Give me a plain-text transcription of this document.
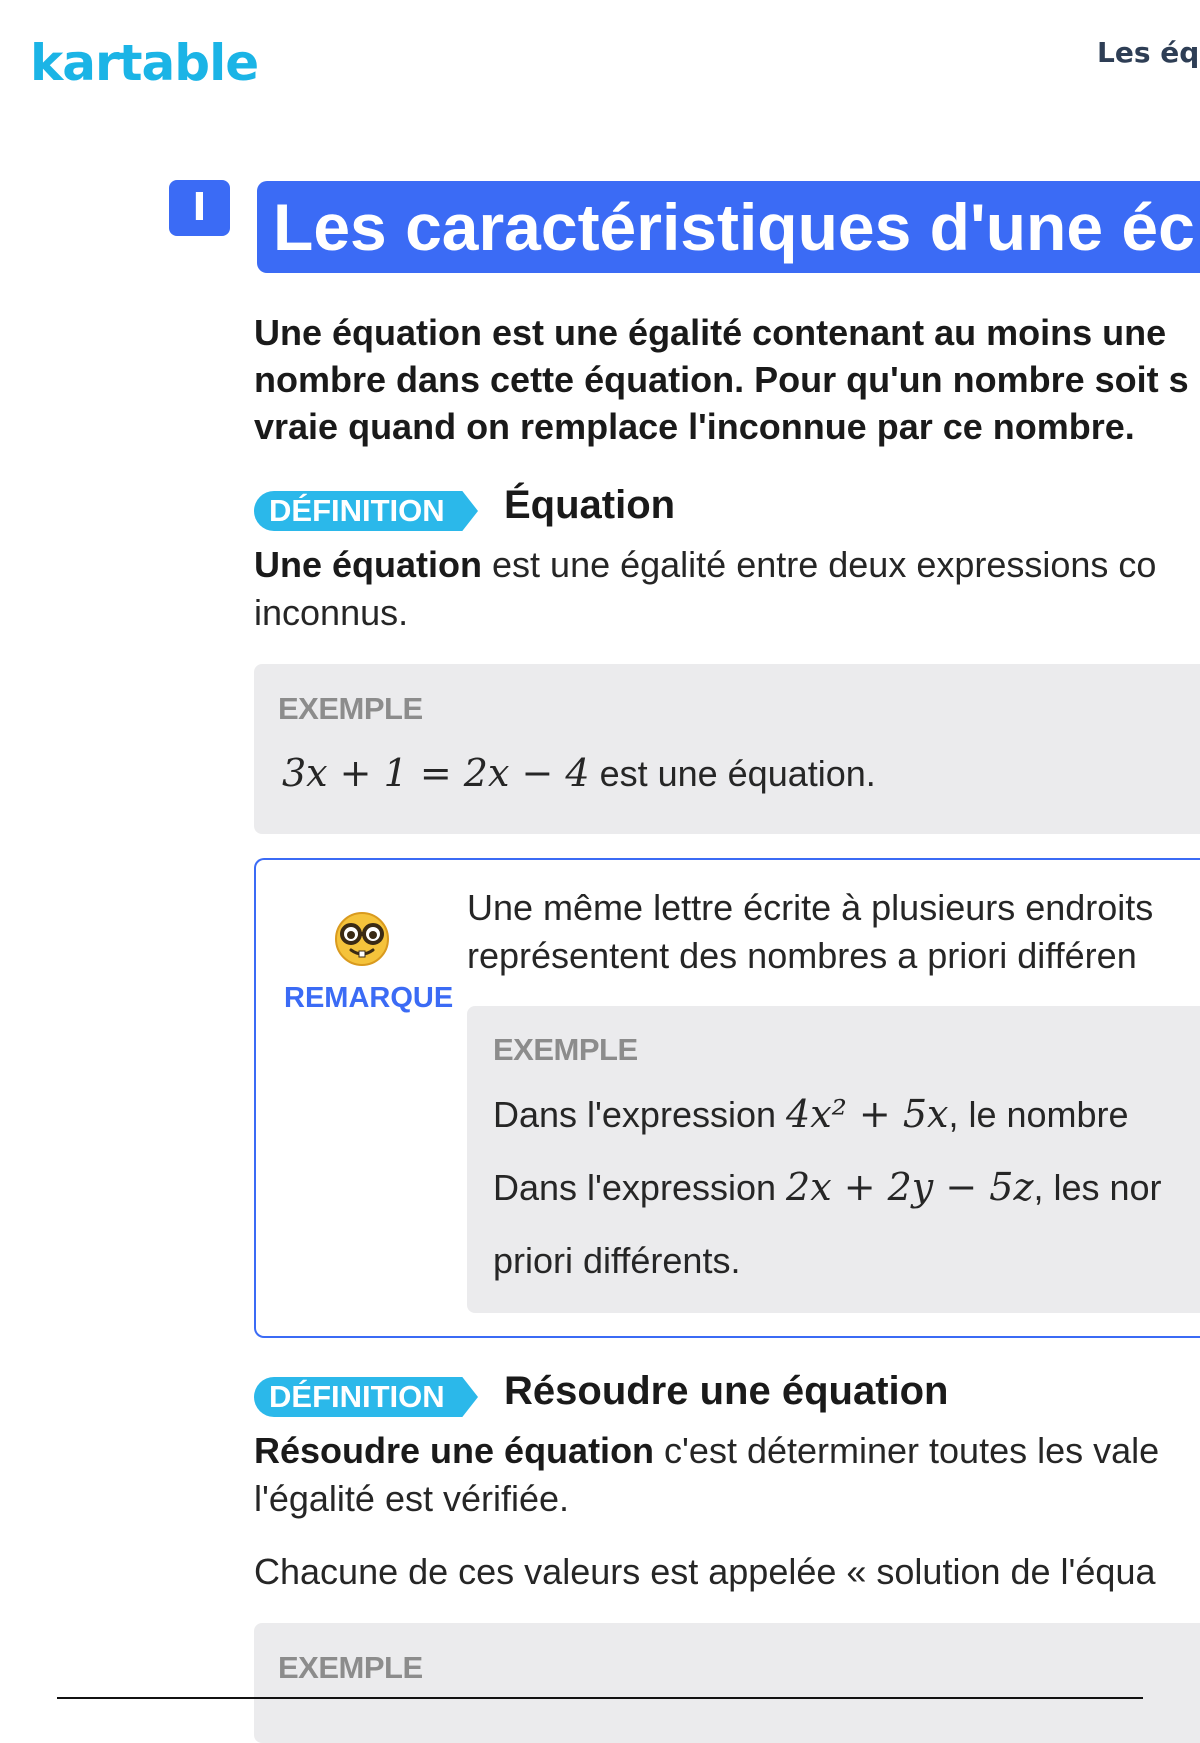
kartable	Les éq
I	Les caractéristiques d'une éc
Une équation est une égalité contenant au moins une
nombre dans cette équation. Pour qu'un nombre soit s
vraie quand on remplace l'inconnue par ce nombre.
DÉFINITION	Équation
Une équation est une égalité entre deux expressions co
inconnus.
EXEMPLE
3x + 1 = 2x − 4 est une équation.
REMARQUE
Une même lettre écrite à plusieurs endroits
représentent des nombres a priori différen
EXEMPLE
Dans l'expression 4x² + 5x, le nombre
Dans l'expression 2x + 2y − 5z, les nor
priori différents.
DÉFINITION	Résoudre une équation
Résoudre une équation c'est déterminer toutes les vale
l'égalité est vérifiée.
Chacune de ces valeurs est appelée « solution de l'équa
EXEMPLE
